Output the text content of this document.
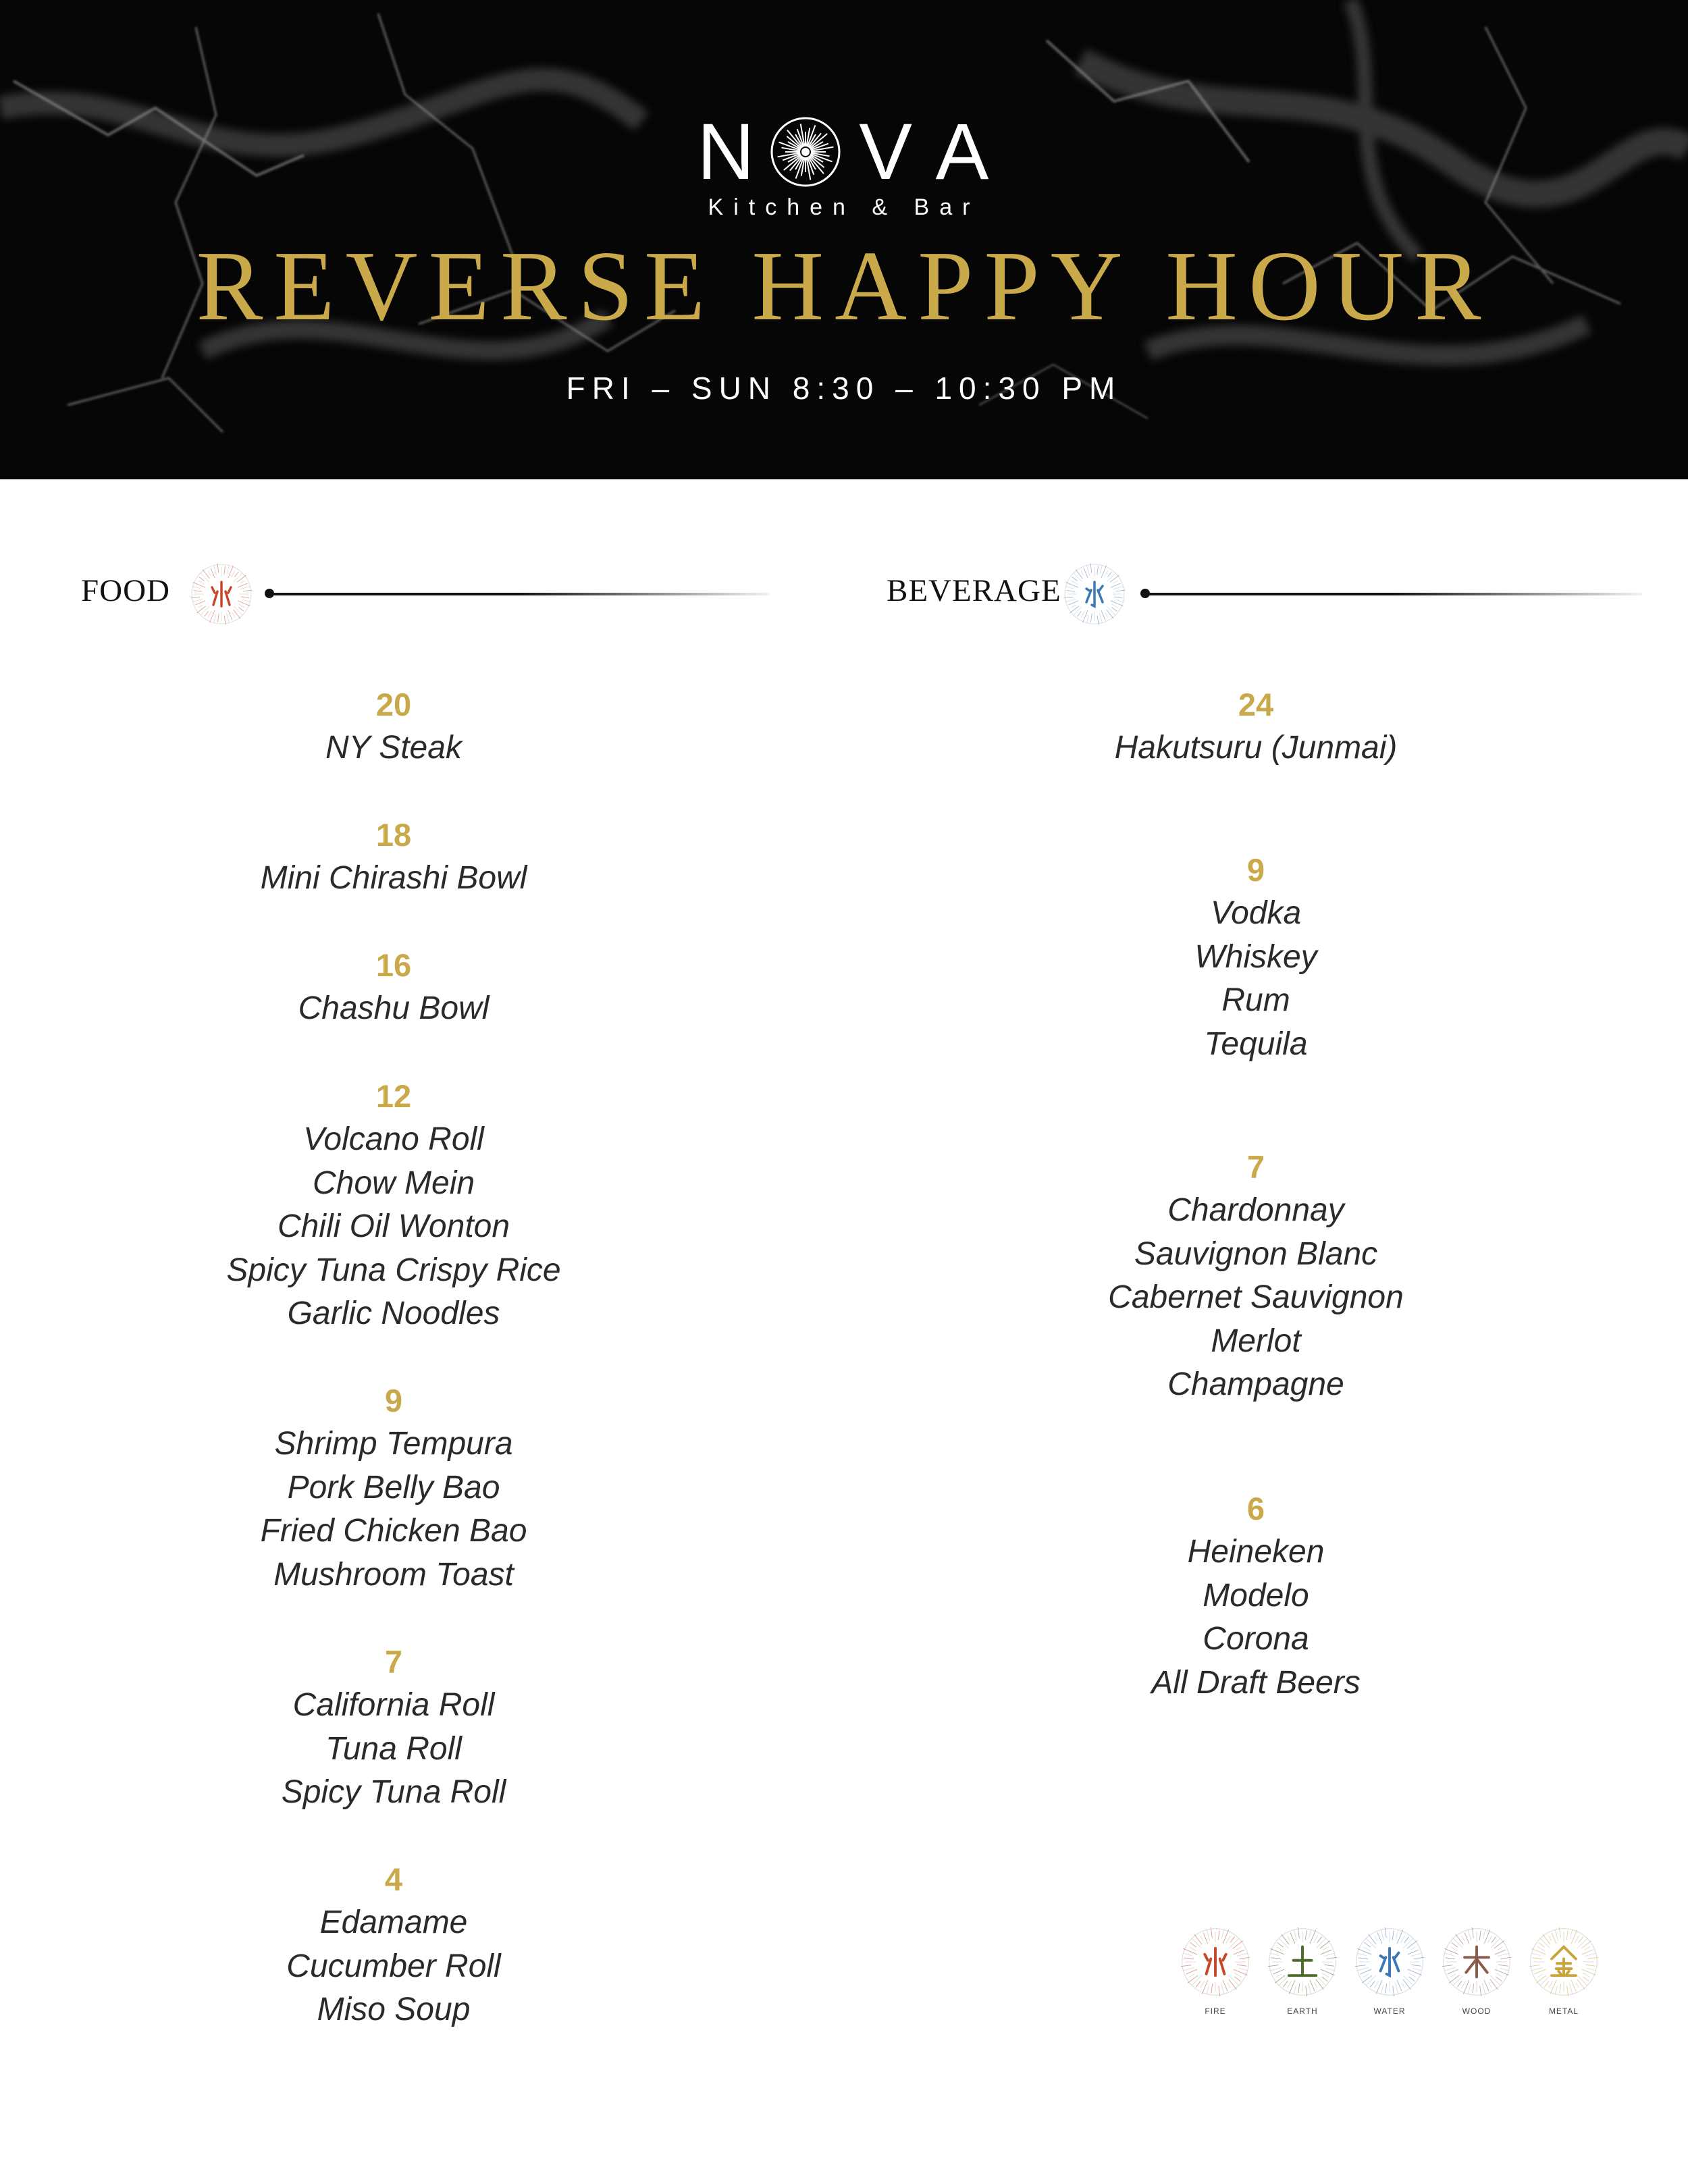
N V A
Kitchen & Bar
REVERSE HAPPY HOUR
FRI – SUN 8:30 – 10:30 PM
FOOD	BEVERAGE
20
NY Steak
18
Mini Chirashi Bowl
16
Chashu Bowl
12
Volcano Roll
Chow Mein
Chili Oil Wonton
Spicy Tuna Crispy Rice
Garlic Noodles
9
Shrimp Tempura
Pork Belly Bao
Fried Chicken Bao
Mushroom Toast
7
California Roll
Tuna Roll
Spicy Tuna Roll
4
Edamame
Cucumber Roll
Miso Soup
24
Hakutsuru (Junmai)
9
Vodka
Whiskey
Rum
Tequila
7
Chardonnay
Sauvignon Blanc
Cabernet Sauvignon
Merlot
Champagne
6
Heineken
Modelo
Corona
All Draft Beers
FIRE	EARTH	WATER	WOOD	METAL
